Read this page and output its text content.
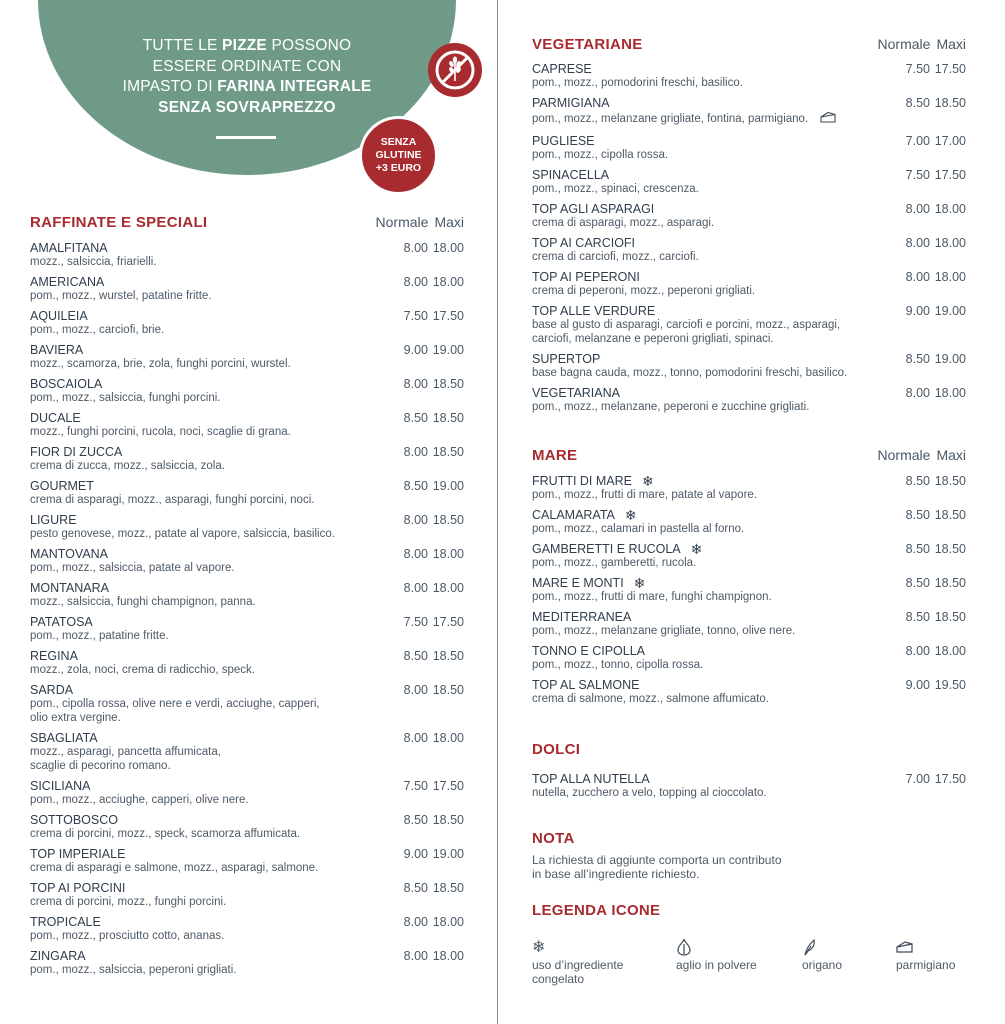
TUTTE LE PIZZE POSSONO
ESSERE ORDINATE CON
IMPASTO DI FARINA INTEGRALE
SENZA SOVRAPREZZO
SENZA
GLUTINE
+3 EURO
RAFFINATE E SPECIALI	Normale Maxi
AMALFITANA
mozz., salsiccia, friarielli.
8.00 18.00
AMERICANA
pom., mozz., wurstel, patatine fritte.
8.00 18.00
AQUILEIA
pom., mozz., carciofi, brie.
7.50 17.50
BAVIERA
mozz., scamorza, brie, zola, funghi porcini, wurstel.
9.00 19.00
BOSCAIOLA
pom., mozz., salsiccia, funghi porcini.
8.00 18.50
DUCALE
mozz., funghi porcini, rucola, noci, scaglie di grana.
8.50 18.50
FIOR DI ZUCCA
crema di zucca, mozz., salsiccia, zola.
8.00 18.50
GOURMET
crema di asparagi, mozz., asparagi, funghi porcini, noci.
8.50 19.00
LIGURE
pesto genovese, mozz., patate al vapore, salsiccia, basilico.
8.00 18.50
MANTOVANA
pom., mozz., salsiccia, patate al vapore.
8.00 18.00
MONTANARA
mozz., salsiccia, funghi champignon, panna.
8.00 18.00
PATATOSA
pom., mozz., patatine fritte.
7.50 17.50
REGINA
mozz., zola, noci, crema di radicchio, speck.
8.50 18.50
SARDA
pom., cipolla rossa, olive nere e verdi, acciughe, capperi,
olio extra vergine.
8.00 18.50
SBAGLIATA
mozz., asparagi, pancetta affumicata,
scaglie di pecorino romano.
8.00 18.00
SICILIANA
pom., mozz., acciughe, capperi, olive nere.
7.50 17.50
SOTTOBOSCO
crema di porcini, mozz., speck, scamorza affumicata.
8.50 18.50
TOP IMPERIALE
crema di asparagi e salmone, mozz., asparagi, salmone.
9.00 19.00
TOP AI PORCINI
crema di porcini, mozz., funghi porcini.
8.50 18.50
TROPICALE
pom., mozz., prosciutto cotto, ananas.
8.00 18.00
ZINGARA
pom., mozz., salsiccia, peperoni grigliati.
8.00 18.00
VEGETARIANE	Normale Maxi
CAPRESE
pom., mozz., pomodorini freschi, basilico.
7.50 17.50
PARMIGIANA
pom., mozz., melanzane grigliate, fontina, parmigiano.
8.50 18.50
PUGLIESE
pom., mozz., cipolla rossa.
7.00 17.00
SPINACELLA
pom., mozz., spinaci, crescenza.
7.50 17.50
TOP AGLI ASPARAGI
crema di asparagi, mozz., asparagi.
8.00 18.00
TOP AI CARCIOFI
crema di carciofi, mozz., carciofi.
8.00 18.00
TOP AI PEPERONI
crema di peperoni, mozz., peperoni grigliati.
8.00 18.00
TOP ALLE VERDURE
base al gusto di asparagi, carciofi e porcini, mozz., asparagi,
carciofi, melanzane e peperoni grigliati, spinaci.
9.00 19.00
SUPERTOP
base bagna cauda, mozz., tonno, pomodorini freschi, basilico.
8.50 19.00
VEGETARIANA
pom., mozz., melanzane, peperoni e zucchine grigliati.
8.00 18.00
MARE	Normale Maxi
FRUTTI DI MARE ❄
pom., mozz., frutti di mare, patate al vapore.
8.50 18.50
CALAMARATA ❄
pom., mozz., calamari in pastella al forno.
8.50 18.50
GAMBERETTI E RUCOLA ❄
pom., mozz., gamberetti, rucola.
8.50 18.50
MARE E MONTI ❄
pom., mozz., frutti di mare, funghi champignon.
8.50 18.50
MEDITERRANEA
pom., mozz., melanzane grigliate, tonno, olive nere.
8.50 18.50
TONNO E CIPOLLA
pom., mozz., tonno, cipolla rossa.
8.00 18.00
TOP AL SALMONE
crema di salmone, mozz., salmone affumicato.
9.00 19.50
DOLCI
TOP ALLA NUTELLA
nutella, zucchero a velo, topping al cioccolato.
7.00 17.50
NOTA
La richiesta di aggiunte comporta un contributo
in base all’ingrediente richiesto.
LEGENDA ICONE
❄
uso d’ingrediente
congelato
aglio in polvere	origano	parmigiano
